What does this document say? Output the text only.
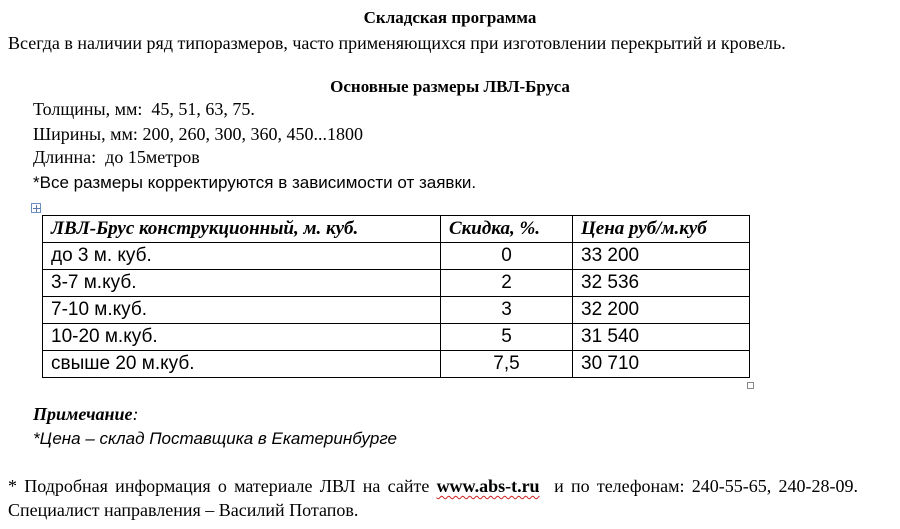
Складская программа
Всегда в наличии ряд типоразмеров, часто применяющихся при изготовлении перекрытий и кровель.
Основные размеры ЛВЛ-Бруса
Толщины, мм: 45, 51, 63, 75.
Ширины, мм: 200, 260, 300, 360, 450...1800
Длинна: до 15метров
*Все размеры корректируются в зависимости от заявки.
ЛВЛ-Брус конструкционный, м. куб.	Скидка, %.	Цена руб/м.куб
до 3 м. куб.	0	33 200
3-7 м.куб.	2	32 536
7-10 м.куб.	3	32 200
10-20 м.куб.	5	31 540
свыше 20 м.куб.	7,5	30 710
Примечание:
*Цена – склад Поставщика в Екатеринбурге
* Подробная информация о материале ЛВЛ на сайте www.abs-t.ru и по телефонам: 240-55-65, 240-28-09. Специалист направления – Василий Потапов.
